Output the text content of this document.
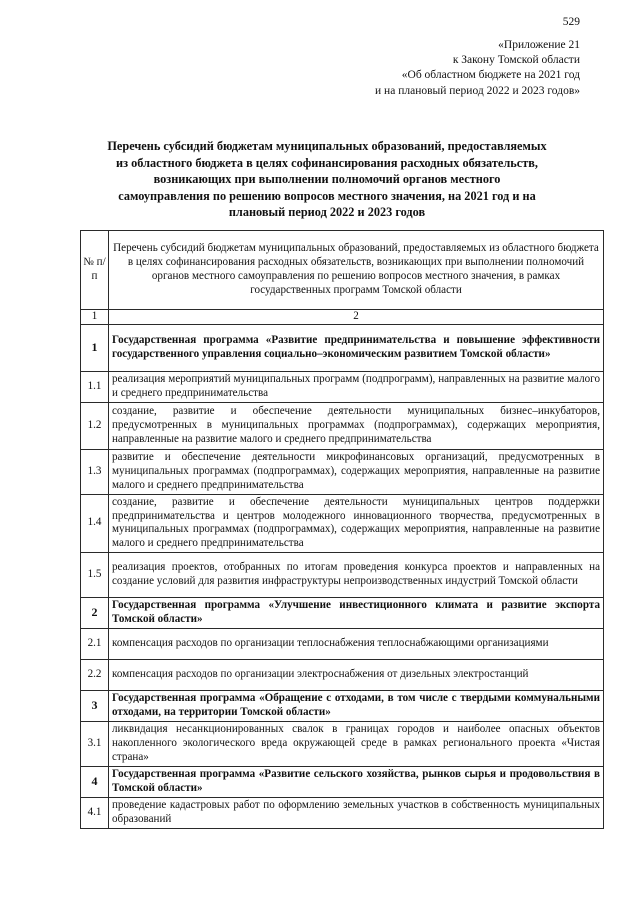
529
«Приложение 21
к Закону Томской области
«Об областном бюджете на 2021 год
и на плановый период 2022 и 2023 годов»
Перечень субсидий бюджетам муниципальных образований, предоставляемых
из областного бюджета в целях софинансирования расходных обязательств,
возникающих при выполнении полномочий органов местного
самоуправления по решению вопросов местного значения, на 2021 год и на
плановый период 2022 и 2023 годов
№ п/п	Перечень субсидий бюджетам муниципальных образований, предоставляемых из областного бюджета в целях софинансирования расходных обязательств, возникающих при выполнении полномочий органов местного самоуправления по решению вопросов местного значения, в рамках государственных программ Томской области
1	2
1	Государственная программа «Развитие предпринимательства и повышение эффективности государственного управления социально–экономическим развитием Томской области»
1.1	реализация мероприятий муниципальных программ (подпрограмм), направленных на развитие малого и среднего предпринимательства
1.2	создание, развитие и обеспечение деятельности муниципальных бизнес–инкубаторов, предусмотренных в муниципальных программах (подпрограммах), содержащих мероприятия, направленные на развитие малого и среднего предпринимательства
1.3	развитие и обеспечение деятельности микрофинансовых организаций, предусмотренных в муниципальных программах (подпрограммах), содержащих мероприятия, направленные на развитие малого и среднего предпринимательства
1.4	создание, развитие и обеспечение деятельности муниципальных центров поддержки предпринимательства и центров молодежного инновационного творчества, предусмотренных в муниципальных программах (подпрограммах), содержащих мероприятия, направленные на развитие малого и среднего предпринимательства
1.5	реализация проектов, отобранных по итогам проведения конкурса проектов и направленных на создание условий для развития инфраструктуры непроизводственных индустрий Томской области
2	Государственная программа «Улучшение инвестиционного климата и развитие экспорта Томской области»
2.1	компенсация расходов по организации теплоснабжения теплоснабжающими организациями
2.2	компенсация расходов по организации электроснабжения от дизельных электростанций
3	Государственная программа «Обращение с отходами, в том числе с твердыми коммунальными отходами, на территории Томской области»
3.1	ликвидация несанкционированных свалок в границах городов и наиболее опасных объектов накопленного экологического вреда окружающей среде в рамках регионального проекта «Чистая страна»
4	Государственная программа «Развитие сельского хозяйства, рынков сырья и продовольствия в Томской области»
4.1	проведение кадастровых работ по оформлению земельных участков в собственность муниципальных образований
